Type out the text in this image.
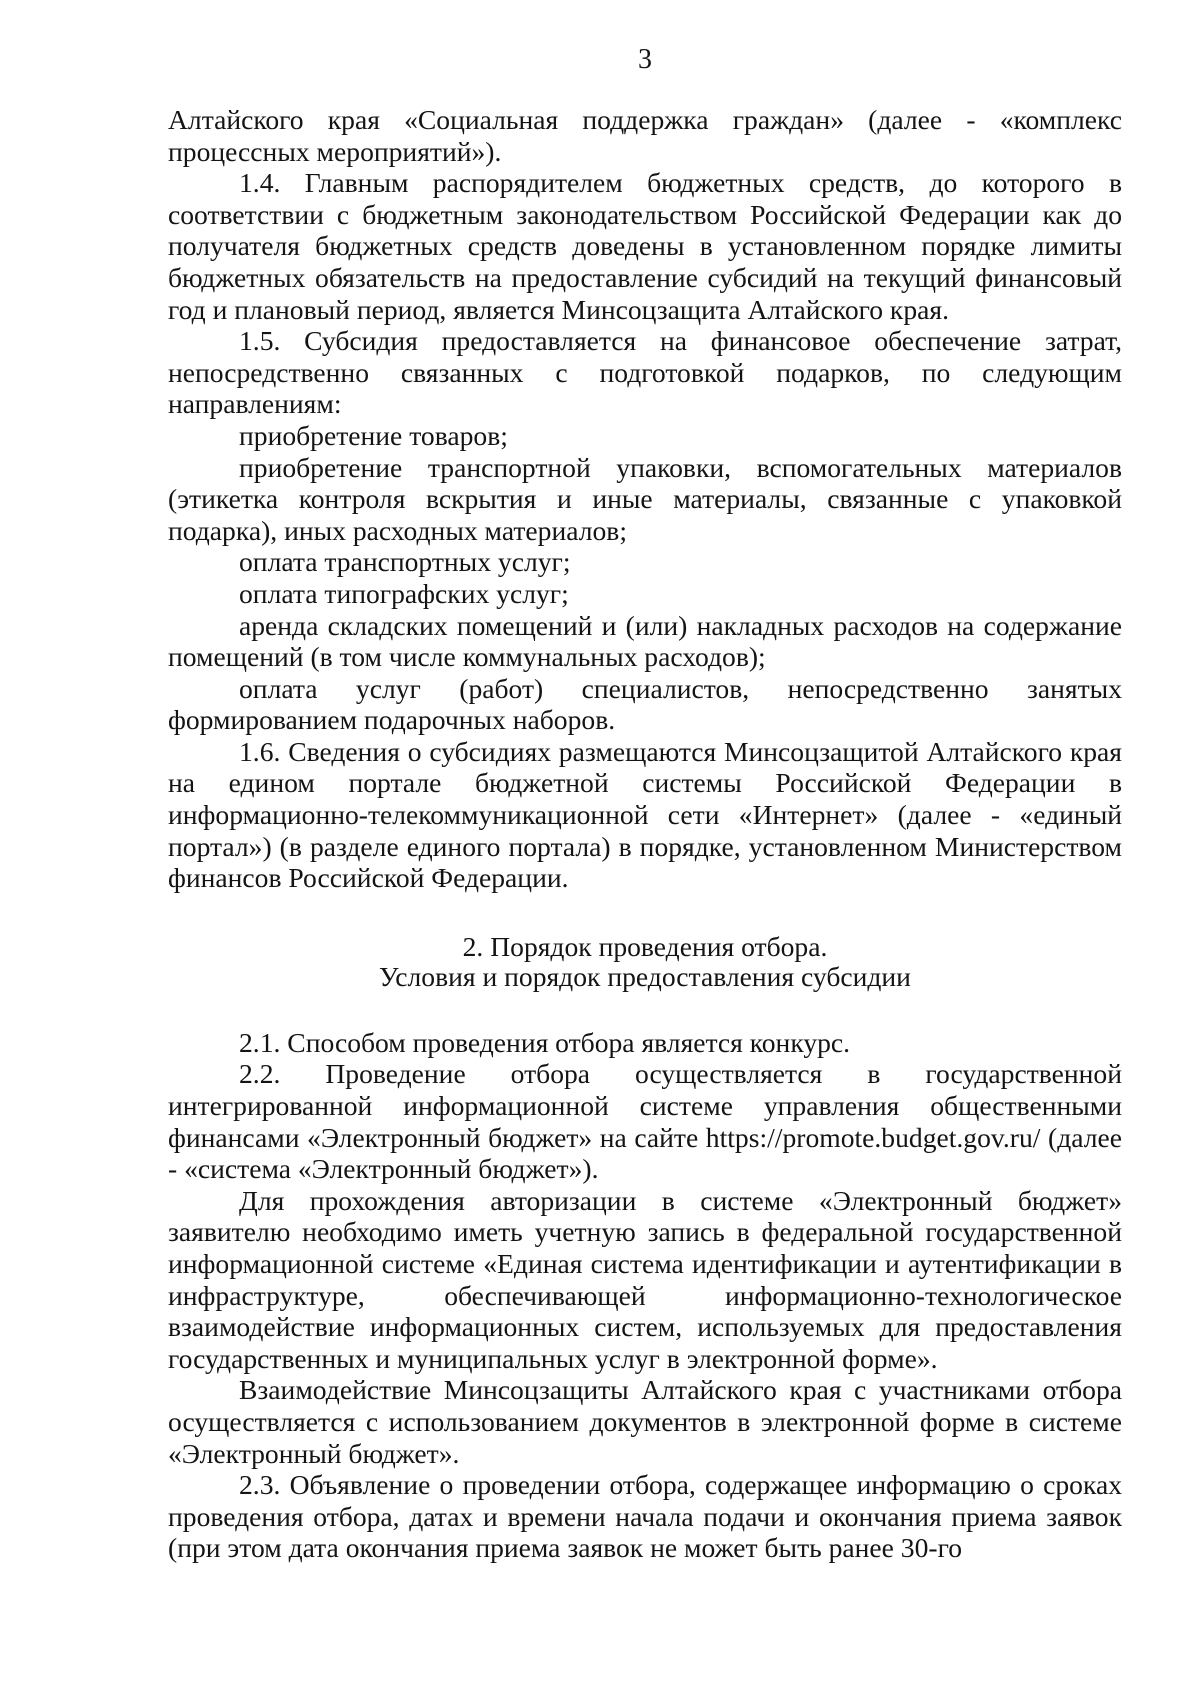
3

Алтайского края «Социальная поддержка граждан» (далее - «комплекс процессных мероприятий»).

1.4. Главным распорядителем бюджетных средств, до которого в соответствии с бюджетным законодательством Российской Федерации как до получателя бюджетных средств доведены в установленном порядке лимиты бюджетных обязательств на предоставление субсидий на текущий финансовый год и плановый период, является Минсоцзащита Алтайского края.

1.5. Субсидия предоставляется на финансовое обеспечение затрат, непосредственно связанных с подготовкой подарков, по следующим направлениям:

приобретение товаров;

приобретение транспортной упаковки, вспомогательных материалов (этикетка контроля вскрытия и иные материалы, связанные с упаковкой подарка), иных расходных материалов;

оплата транспортных услуг;

оплата типографских услуг;

аренда складских помещений и (или) накладных расходов на содержание помещений (в том числе коммунальных расходов);

оплата услуг (работ) специалистов, непосредственно занятых формированием подарочных наборов.

1.6. Сведения о субсидиях размещаются Минсоцзащитой Алтайского края на едином портале бюджетной системы Российской Федерации в информационно-телекоммуникационной сети «Интернет» (далее - «единый портал») (в разделе единого портала) в порядке, установленном Министерством финансов Российской Федерации.

2. Порядок проведения отбора.
Условия и порядок предоставления субсидии

2.1. Способом проведения отбора является конкурс.

2.2. Проведение отбора осуществляется в государственной интегрированной информационной системе управления общественными финансами «Электронный бюджет» на сайте https://promote.budget.gov.ru/ (далее - «система «Электронный бюджет»).

Для прохождения авторизации в системе «Электронный бюджет» заявителю необходимо иметь учетную запись в федеральной государственной информационной системе «Единая система идентификации и аутентификации в инфраструктуре, обеспечивающей информационно-технологическое взаимодействие информационных систем, используемых для предоставления государственных и муниципальных услуг в электронной форме».

Взаимодействие Минсоцзащиты Алтайского края с участниками отбора осуществляется с использованием документов в электронной форме в системе «Электронный бюджет».

2.3. Объявление о проведении отбора, содержащее информацию о сроках проведения отбора, датах и времени начала подачи и окончания приема заявок (при этом дата окончания приема заявок не может быть ранее 30-го
